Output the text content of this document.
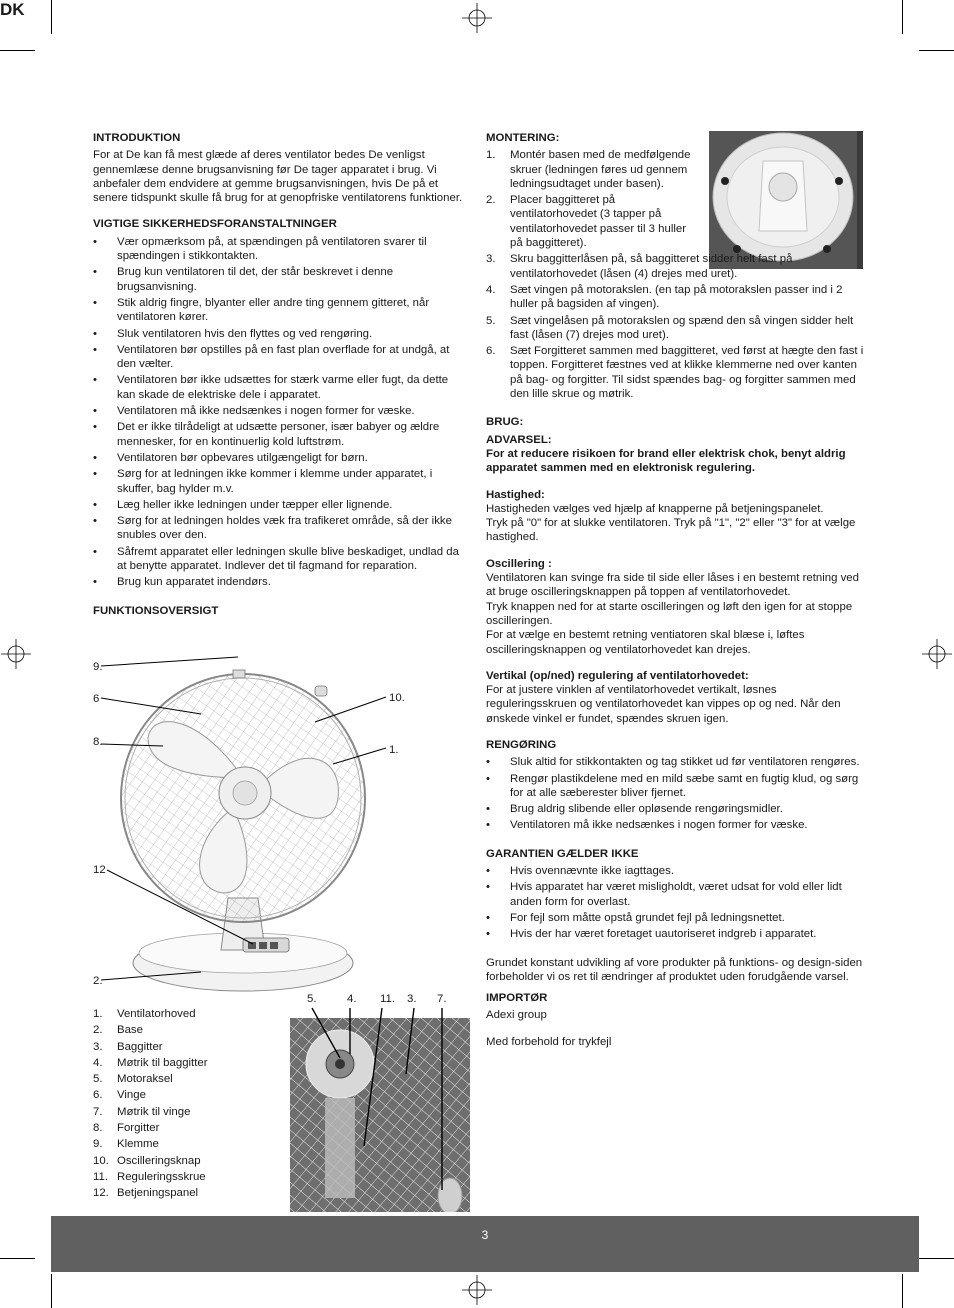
DK
INTRODUKTION

For at De kan få mest glæde af deres ventilator bedes De venligst gennemlæse denne brugsanvisning før De tager apparatet i brug. Vi anbefaler dem endvidere at gemme brugsanvisningen, hvis De på et senere tidspunkt skulle få brug for at genopfriske ventilatorens funktioner.

VIGTIGE SIKKERHEDSFORANSTALTNINGER
• Vær opmærksom på, at spændingen på ventilatoren svarer til spændingen i stikkontakten.
• Brug kun ventilatoren til det, der står beskrevet i denne brugsanvisning.
• Stik aldrig fingre, blyanter eller andre ting gennem gitteret, når ventilatoren kører.
• Sluk ventilatoren hvis den flyttes og ved rengøring.
• Ventilatoren bør opstilles på en fast plan overflade for at undgå, at den vælter.
• Ventilatoren bør ikke udsættes for stærk varme eller fugt, da dette kan skade de elektriske dele i apparatet.
• Ventilatoren må ikke nedsænkes i nogen former for væske.
• Det er ikke tilrådeligt at udsætte personer, især babyer og ældre mennesker, for en kontinuerlig kold luftstrøm.
• Ventilatoren bør opbevares utilgængeligt for børn.
• Sørg for at ledningen ikke kommer i klemme under apparatet, i skuffer, bag hylder m.v.
• Læg heller ikke ledningen under tæpper eller lignende.
• Sørg for at ledningen holdes væk fra trafikeret område, så der ikke snubles over den.
• Såfremt apparatet eller ledningen skulle blive beskadiget, undlad da at benytte apparatet. Indlever det til fagmand for reparation.
• Brug kun apparatet indendørs.
FUNKTIONSOVERSIGT
9.
6
8.
10.
1.
12
2.
1. Ventilatorhoved
2. Base
3. Baggitter
4. Møtrik til baggitter
5. Motoraksel
6. Vinge
7. Møtrik til vinge
8. Forgitter
9. Klemme
10. Oscilleringsknap
11. Reguleringsskrue
12. Betjeningspanel
5.	4. 11. 3. 7.
MONTERING:
1. Montér basen med de medfølgende skruer (ledningen føres ud gennem ledningsudtaget under basen).
2. Placer baggitteret på ventilatorhovedet (3 tapper på ventilatorhovedet passer til 3 huller på baggitteret).
3. Skru baggitterlåsen på, så baggitteret sidder helt fast på ventilatorhovedet (låsen (4) drejes med uret).
4. Sæt vingen på motorakslen. (en tap på motorakslen passer ind i 2 huller på bagsiden af vingen).
5. Sæt vingelåsen på motorakslen og spænd den så vingen sidder helt fast (låsen (7) drejes mod uret).
6. Sæt Forgitteret sammen med baggitteret, ved først at hægte den fast i toppen. Forgitteret fæstnes ved at klikke klemmerne ned over kanten på bag- og forgitter. Til sidst spændes bag- og forgitter sammen med den lille skrue og møtrik.
BRUG:

ADVARSEL:

For at reducere risikoen for brand eller elektrisk chok, benyt aldrig apparatet sammen med en elektronisk regulering.

Hastighed:

Hastigheden vælges ved hjælp af knapperne på betjeningspanelet.

Tryk på "0" for at slukke ventilatoren. Tryk på "1", "2" eller "3" for at vælge hastighed.

Oscillering :

Ventilatoren kan svinge fra side til side eller låses i en bestemt retning ved at bruge oscilleringsknappen på toppen af ventilatorhovedet.

Tryk knappen ned for at starte oscilleringen og løft den igen for at stoppe oscilleringen.

For at vælge en bestemt retning ventiatoren skal blæse i, løftes oscilleringsknappen og ventilatorhovedet kan drejes.

Vertikal (op/ned) regulering af ventilatorhovedet:

For at justere vinklen af ventilatorhovedet vertikalt, løsnes reguleringsskruen og ventilatorhovedet kan vippes op og ned. Når den ønskede vinkel er fundet, spændes skruen igen.

RENGØRING
• Sluk altid for stikkontakten og tag stikket ud før ventilatoren rengøres.
• Rengør plastikdelene med en mild sæbe samt en fugtig klud, og sørg for at alle sæberester bliver fjernet.
• Brug aldrig slibende eller opløsende rengøringsmidler.
• Ventilatoren må ikke nedsænkes i nogen former for væske.
GARANTIEN GÆLDER IKKE
• Hvis ovennævnte ikke iagttages.
• Hvis apparatet har været misligholdt, været udsat for vold eller lidt anden form for overlast.
• For fejl som måtte opstå grundet fejl på ledningsnettet.
• Hvis der har været foretaget uautoriseret indgreb i apparatet.

Grundet konstant udvikling af vore produkter på funktions- og design-siden forbeholder vi os ret til ændringer af produktet uden forudgående varsel.

IMPORTØR

Adexi group

Med forbehold for trykfejl

3
